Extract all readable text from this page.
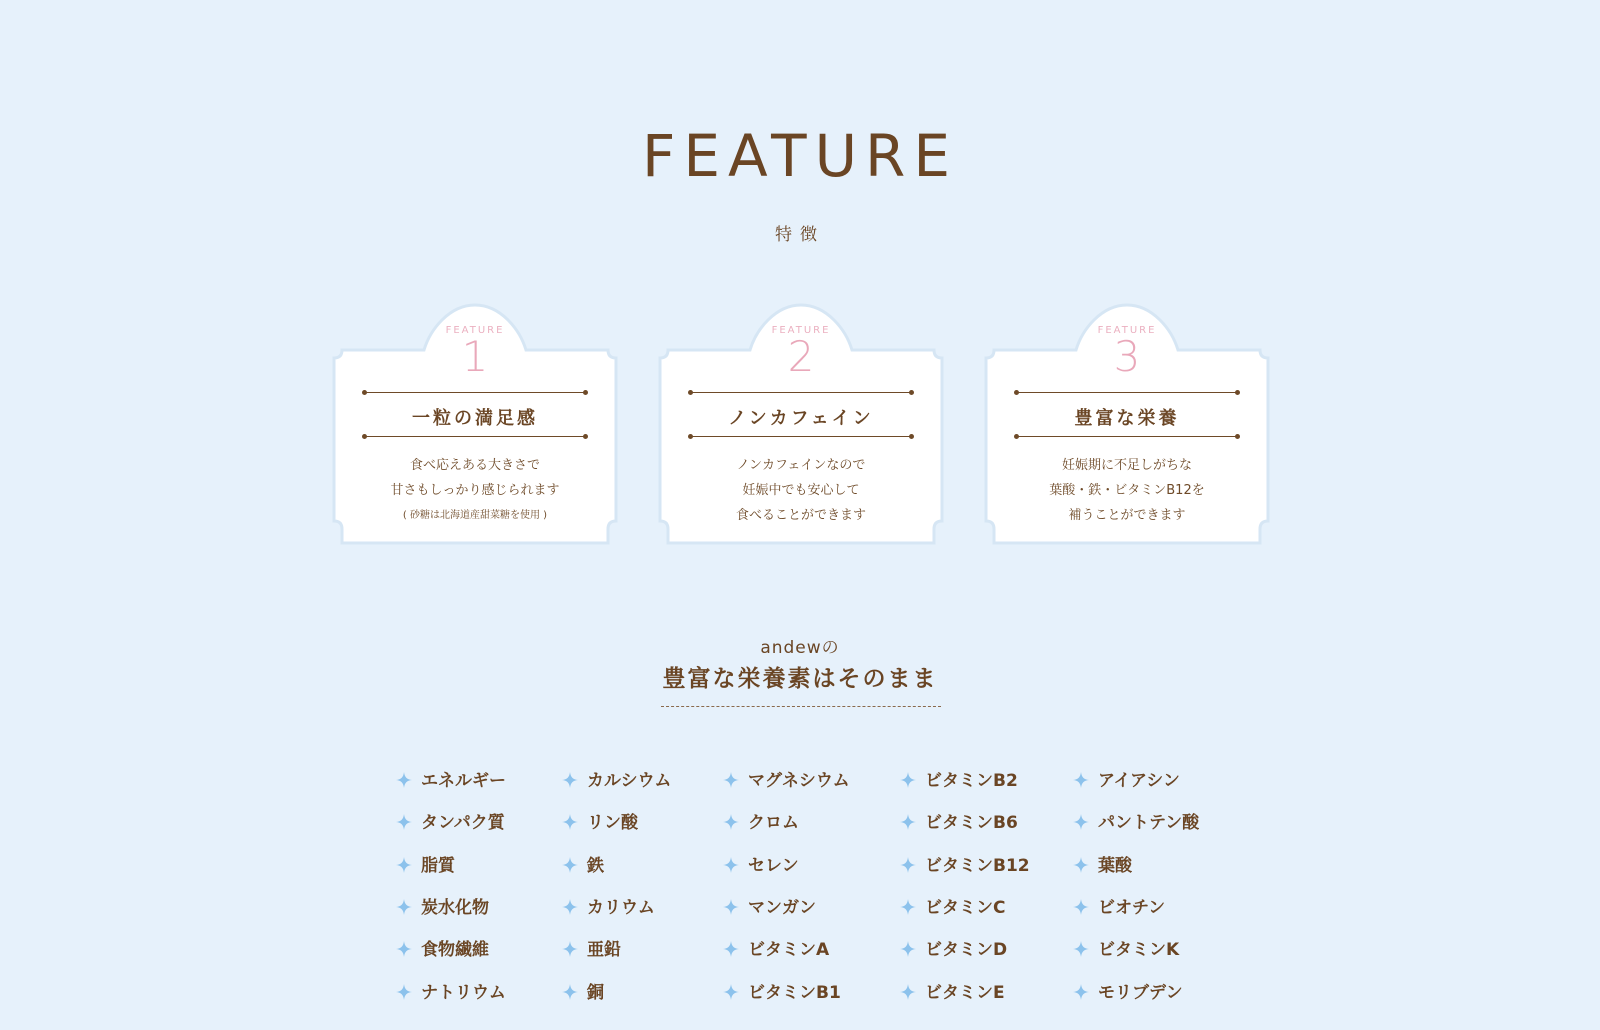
FEATURE
特徴
FEATURE
1
一粒の満足感
食べ応えある大きさで
甘さもしっかり感じられます
( 砂糖は北海道産甜菜糖を使用 )
FEATURE
2
ノンカフェイン
ノンカフェインなので
妊娠中でも安心して
食べることができます
FEATURE
3
豊富な栄養
妊娠期に不足しがちな
葉酸・鉄・ビタミンB12を
補うことができます
andewの
豊富な栄養素はそのまま
エネルギー
タンパク質
脂質
炭水化物
食物繊維
ナトリウム
カルシウム
リン酸
鉄
カリウム
亜鉛
銅
マグネシウム
クロム
セレン
マンガン
ビタミンA
ビタミンB1
ビタミンB2
ビタミンB6
ビタミンB12
ビタミンC
ビタミンD
ビタミンE
アイアシン
パントテン酸
葉酸
ビオチン
ビタミンK
モリブデン
